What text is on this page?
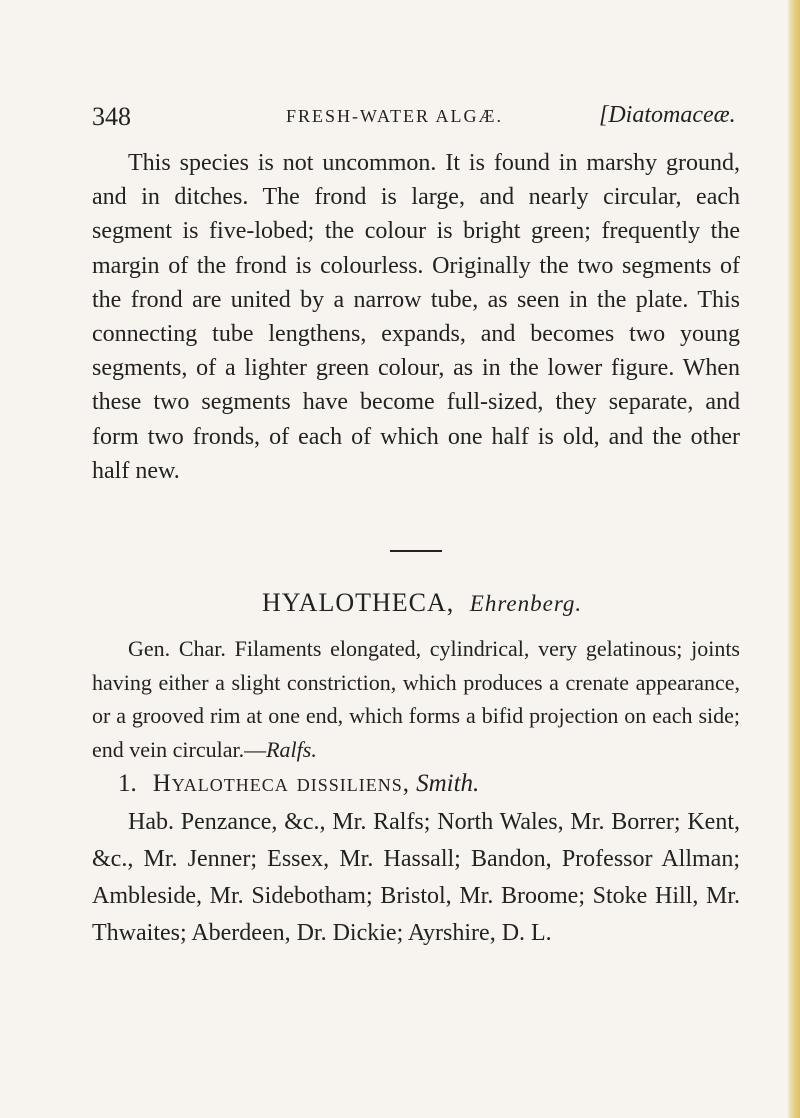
348	FRESH-WATER ALGÆ.	[Diatomaceæ.

This species is not uncommon. It is found in marshy ground, and in ditches. The frond is large, and nearly circular, each segment is five-lobed; the colour is bright green; frequently the margin of the frond is colourless. Originally the two segments of the frond are united by a narrow tube, as seen in the plate. This connecting tube lengthens, expands, and becomes two young segments, of a lighter green colour, as in the lower figure. When these two segments have become full-sized, they separate, and form two fronds, of each of which one half is old, and the other half new.

HYALOTHECA, Ehrenberg.

Gen. Char. Filaments elongated, cylindrical, very gelatinous; joints having either a slight constriction, which produces a crenate appearance, or a grooved rim at one end, which forms a bifid projection on each side; end vein circular.—Ralfs.

1. Hyalotheca dissiliens, Smith.

Hab. Penzance, &c., Mr. Ralfs; North Wales, Mr. Borrer; Kent, &c., Mr. Jenner; Essex, Mr. Hassall; Bandon, Professor Allman; Ambleside, Mr. Sidebotham; Bristol, Mr. Broome; Stoke Hill, Mr. Thwaites; Aberdeen, Dr. Dickie; Ayrshire, D. L.
